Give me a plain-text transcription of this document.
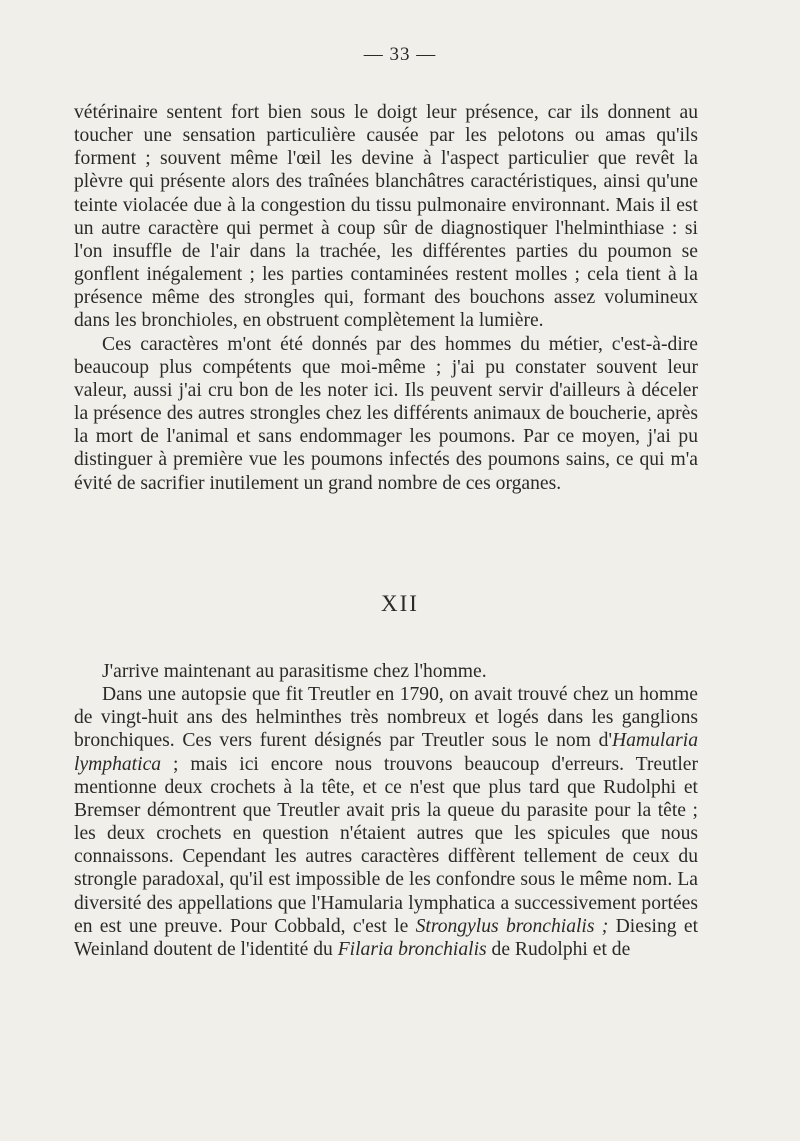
— 33 —

vétérinaire sentent fort bien sous le doigt leur présence, car ils donnent au toucher une sensation particulière causée par les pelotons ou amas qu'ils forment ; souvent même l'œil les devine à l'aspect particulier que revêt la plèvre qui présente alors des traînées blanchâtres caractéristiques, ainsi qu'une teinte violacée due à la congestion du tissu pulmonaire environnant. Mais il est un autre caractère qui permet à coup sûr de diagnostiquer l'helminthiase : si l'on insuffle de l'air dans la trachée, les différentes parties du poumon se gonflent inégalement ; les parties contaminées restent molles ; cela tient à la présence même des strongles qui, formant des bouchons assez volumineux dans les bronchioles, en obstruent complètement la lumière.

Ces caractères m'ont été donnés par des hommes du métier, c'est-à-dire beaucoup plus compétents que moi-même ; j'ai pu constater souvent leur valeur, aussi j'ai cru bon de les noter ici. Ils peuvent servir d'ailleurs à déceler la présence des autres strongles chez les différents animaux de boucherie, après la mort de l'animal et sans endommager les poumons. Par ce moyen, j'ai pu distinguer à première vue les poumons infectés des poumons sains, ce qui m'a évité de sacrifier inutilement un grand nombre de ces organes.

XII

J'arrive maintenant au parasitisme chez l'homme.

Dans une autopsie que fit Treutler en 1790, on avait trouvé chez un homme de vingt-huit ans des helminthes très nombreux et logés dans les ganglions bronchiques. Ces vers furent désignés par Treutler sous le nom d'Hamularia lymphatica ; mais ici encore nous trouvons beaucoup d'erreurs. Treutler mentionne deux crochets à la tête, et ce n'est que plus tard que Rudolphi et Bremser démontrent que Treutler avait pris la queue du parasite pour la tête ; les deux crochets en question n'étaient autres que les spicules que nous connaissons. Cependant les autres caractères diffèrent tellement de ceux du strongle paradoxal, qu'il est impossible de les confondre sous le même nom. La diversité des appellations que l'Hamularia lymphatica a successivement portées en est une preuve. Pour Cobbald, c'est le Strongylus bronchialis ; Diesing et Weinland doutent de l'identité du Filaria bronchialis de Rudolphi et de
